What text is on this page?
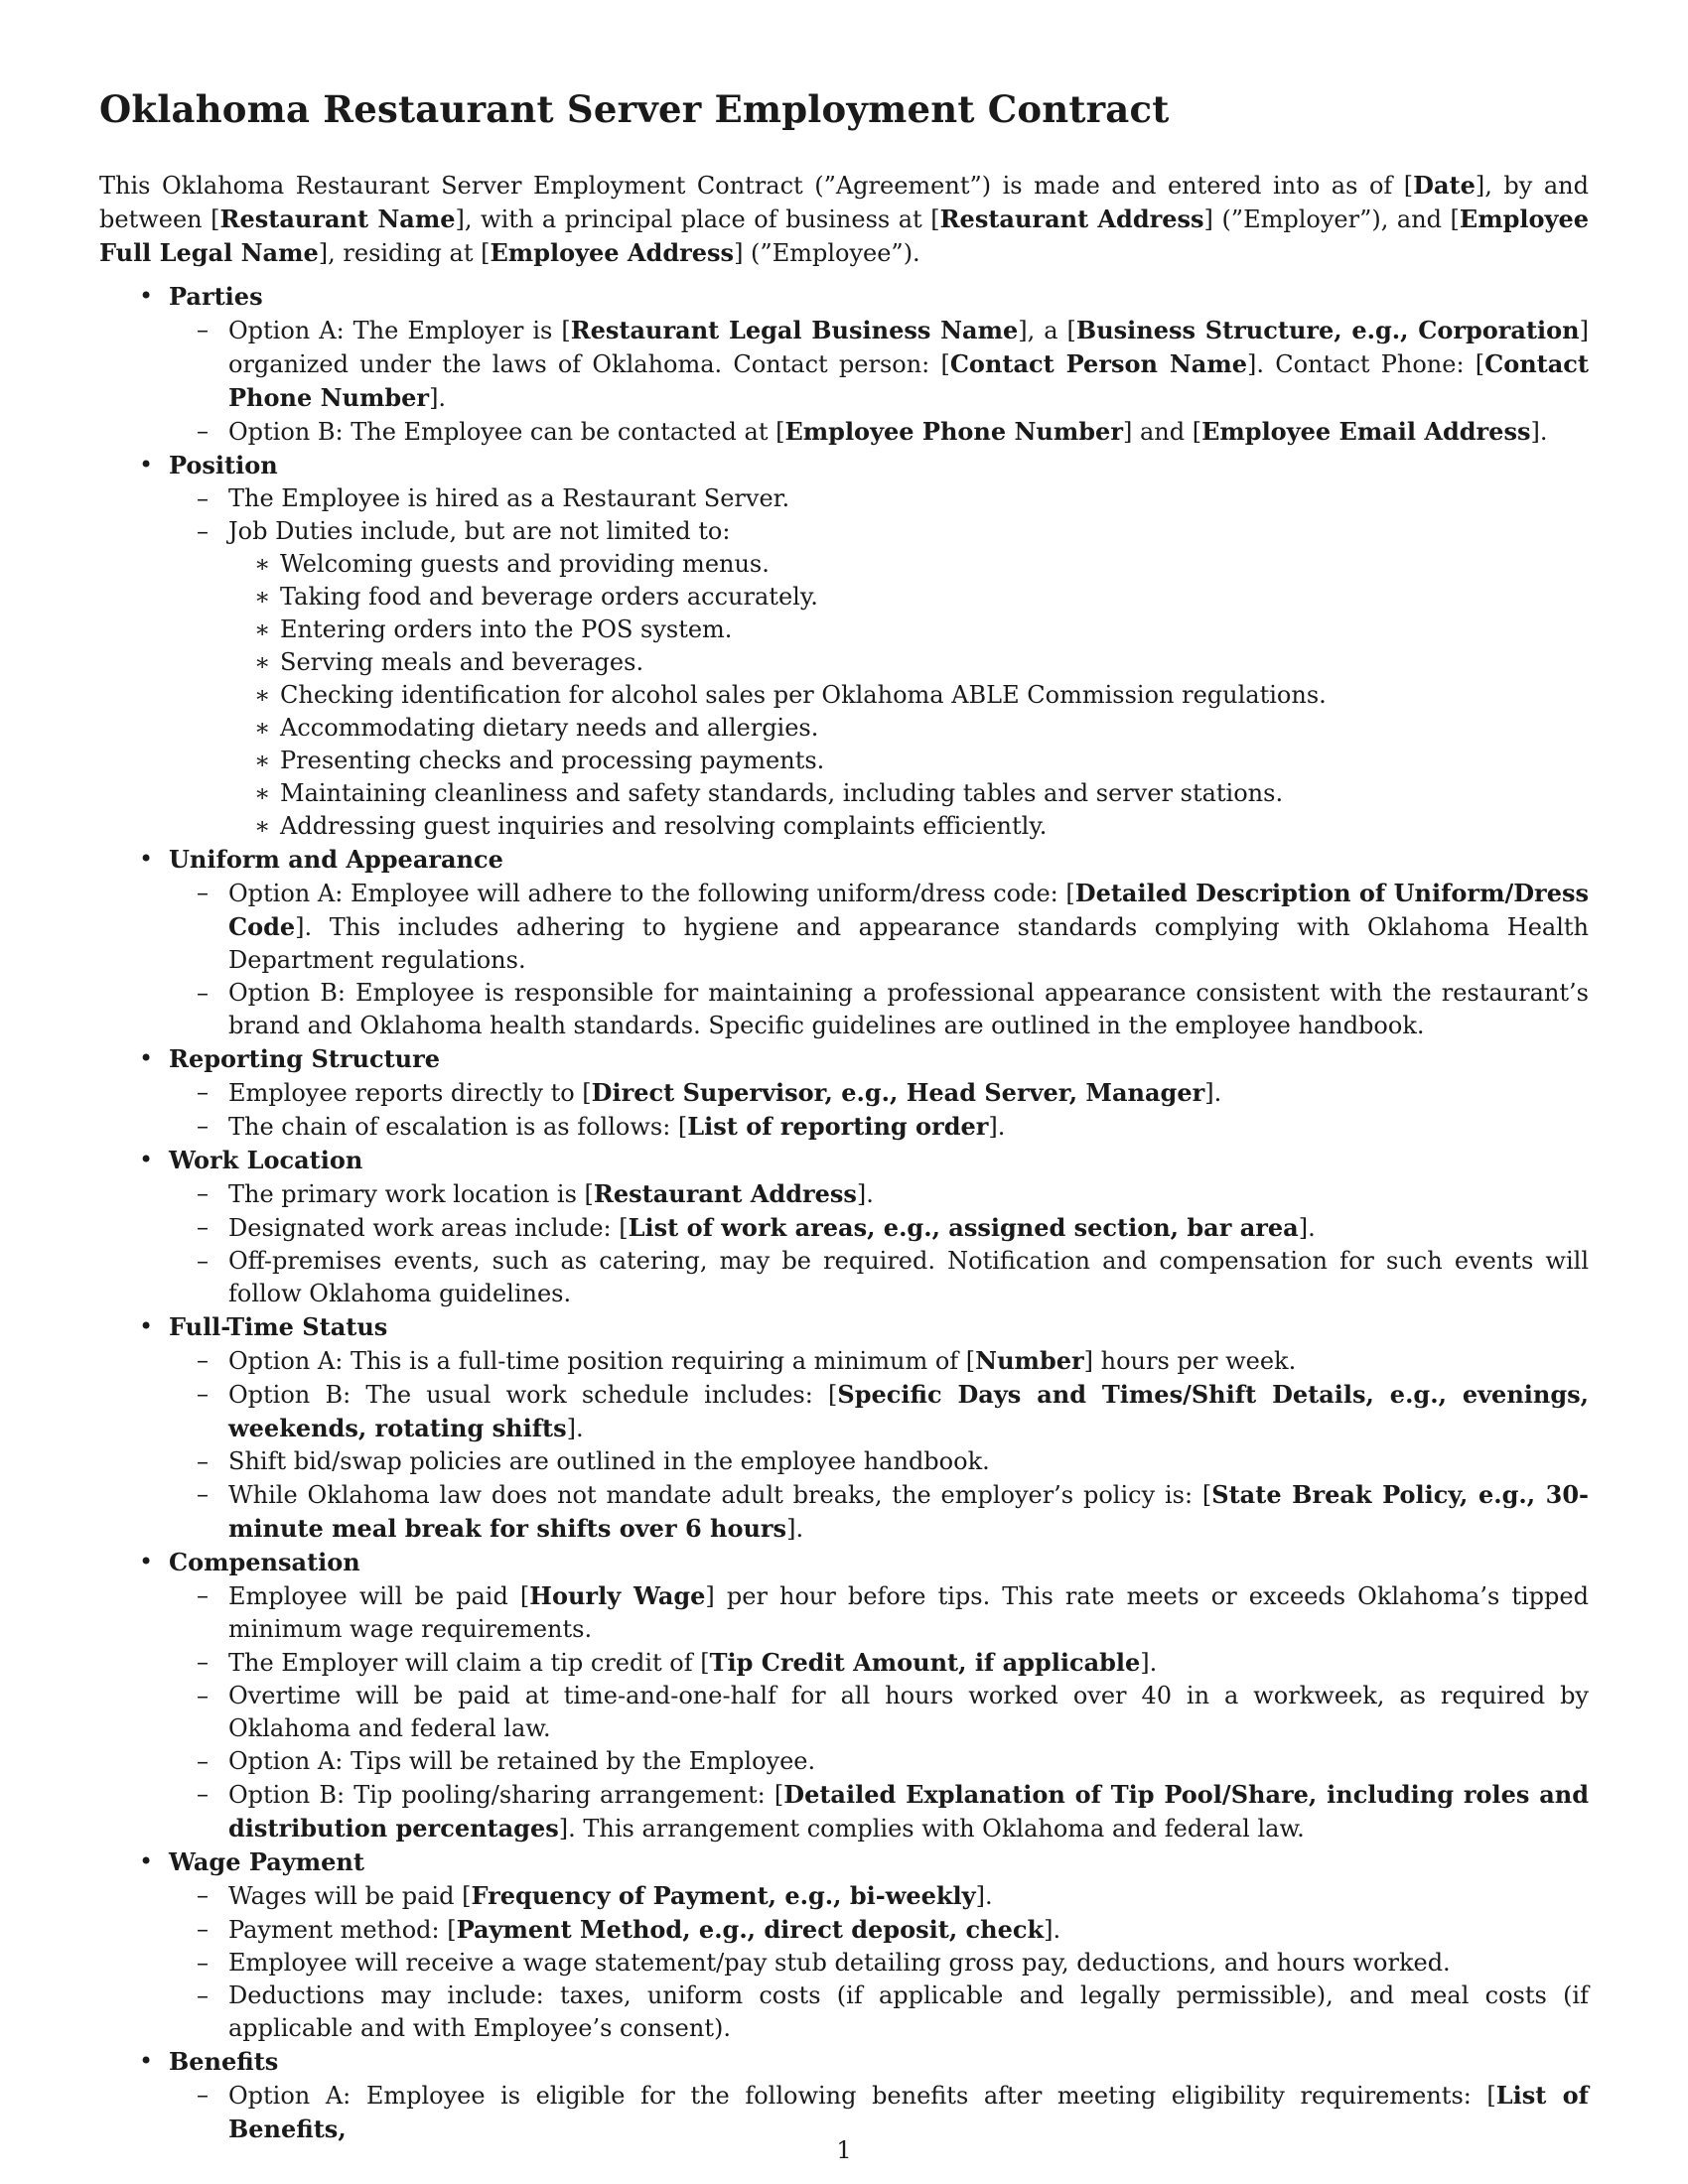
Oklahoma Restaurant Server Employment Contract

This Oklahoma Restaurant Server Employment Contract (”Agreement”) is made and entered into as of [Date], by and between [Restaurant Name], with a principal place of business at [Restaurant Address] (”Employer”), and [Employee Full Legal Name], residing at [Employee Address] (”Employee”).

• Parties
– Option A: The Employer is [Restaurant Legal Business Name], a [Business Structure, e.g., Corporation] organized under the laws of Oklahoma. Contact person: [Contact Person Name]. Contact Phone: [Contact Phone Number].
– Option B: The Employee can be contacted at [Employee Phone Number] and [Employee Email Address].
• Position
– The Employee is hired as a Restaurant Server.
– Job Duties include, but are not limited to:
∗ Welcoming guests and providing menus.
∗ Taking food and beverage orders accurately.
∗ Entering orders into the POS system.
∗ Serving meals and beverages.
∗ Checking identification for alcohol sales per Oklahoma ABLE Commission regulations.
∗ Accommodating dietary needs and allergies.
∗ Presenting checks and processing payments.
∗ Maintaining cleanliness and safety standards, including tables and server stations.
∗ Addressing guest inquiries and resolving complaints efficiently.
• Uniform and Appearance
– Option A: Employee will adhere to the following uniform/dress code: [Detailed Description of Uniform/Dress Code]. This includes adhering to hygiene and appearance standards complying with Oklahoma Health Department regulations.
– Option B: Employee is responsible for maintaining a professional appearance consistent with the restaurant’s brand and Oklahoma health standards. Specific guidelines are outlined in the employee handbook.
• Reporting Structure
– Employee reports directly to [Direct Supervisor, e.g., Head Server, Manager].
– The chain of escalation is as follows: [List of reporting order].
• Work Location
– The primary work location is [Restaurant Address].
– Designated work areas include: [List of work areas, e.g., assigned section, bar area].
– Off-premises events, such as catering, may be required. Notification and compensation for such events will follow Oklahoma guidelines.
• Full-Time Status
– Option A: This is a full-time position requiring a minimum of [Number] hours per week.
– Option B: The usual work schedule includes: [Specific Days and Times/Shift Details, e.g., evenings, weekends, rotating shifts].
– Shift bid/swap policies are outlined in the employee handbook.
– While Oklahoma law does not mandate adult breaks, the employer’s policy is: [State Break Policy, e.g., 30-minute meal break for shifts over 6 hours].
• Compensation
– Employee will be paid [Hourly Wage] per hour before tips. This rate meets or exceeds Oklahoma’s tipped minimum wage requirements.
– The Employer will claim a tip credit of [Tip Credit Amount, if applicable].
– Overtime will be paid at time-and-one-half for all hours worked over 40 in a workweek, as required by Oklahoma and federal law.
– Option A: Tips will be retained by the Employee.
– Option B: Tip pooling/sharing arrangement: [Detailed Explanation of Tip Pool/Share, including roles and distribution percentages]. This arrangement complies with Oklahoma and federal law.
• Wage Payment
– Wages will be paid [Frequency of Payment, e.g., bi-weekly].
– Payment method: [Payment Method, e.g., direct deposit, check].
– Employee will receive a wage statement/pay stub detailing gross pay, deductions, and hours worked.
– Deductions may include: taxes, uniform costs (if applicable and legally permissible), and meal costs (if applicable and with Employee’s consent).
• Benefits
– Option A: Employee is eligible for the following benefits after meeting eligibility requirements: [List of Benefits,
1
